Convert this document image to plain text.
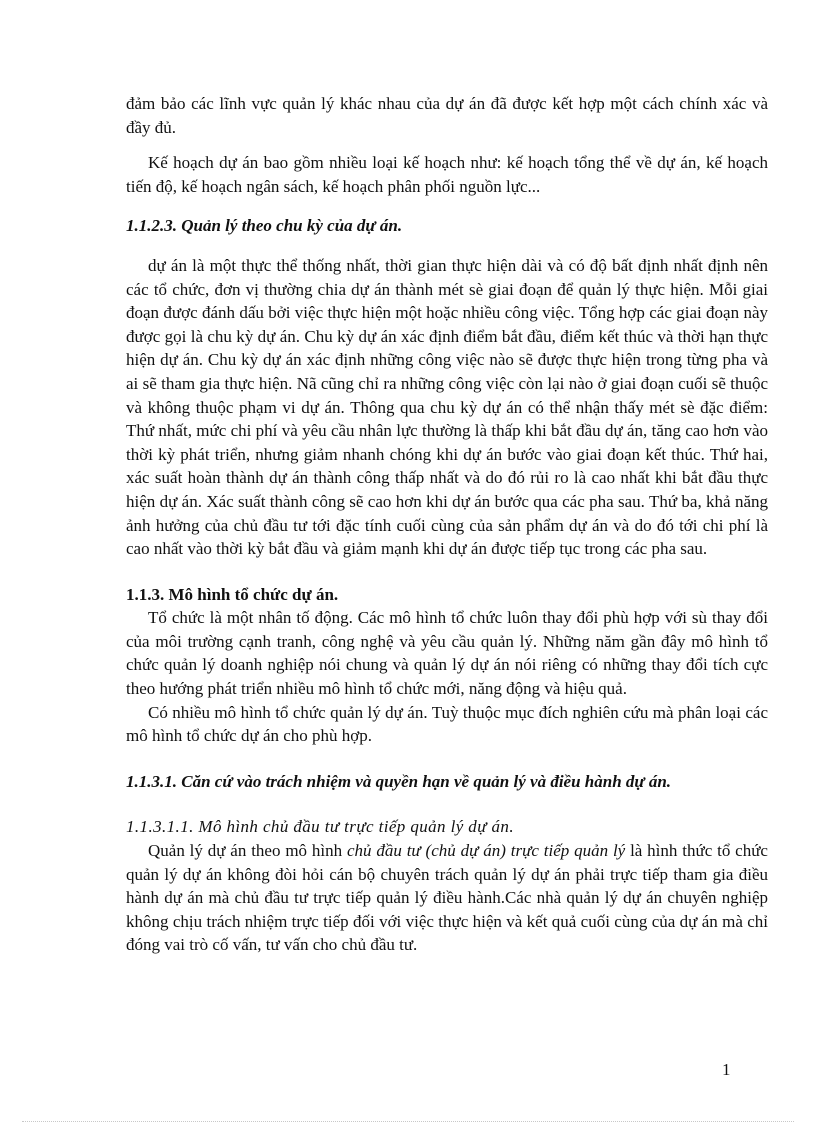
đảm bảo các lĩnh vực quản lý khác nhau của dự án đã được kết hợp một cách chính xác và đầy đủ.

Kế hoạch dự án bao gồm nhiều loại kế hoạch như: kế hoạch tổng thể về dự án, kế hoạch tiến độ, kế hoạch ngân sách, kế hoạch phân phối nguồn lực...

1.1.2.3. Quản lý theo chu kỳ của dự án.

dự án là một thực thể thống nhất, thời gian thực hiện dài và có độ bất định nhất định nên các tổ chức, đơn vị thường chia dự án thành mét sè giai đoạn để quản lý thực hiện. Mỗi giai đoạn được đánh dấu bởi việc thực hiện một hoặc nhiều công việc. Tổng hợp các giai đoạn này được gọi là chu kỳ dự án. Chu kỳ dự án xác định điểm bắt đầu, điểm kết thúc và thời hạn thực hiện dự án. Chu kỳ dự án xác định những công việc nào sẽ được thực hiện trong từng pha và ai sẽ tham gia thực hiện. Nã cũng chỉ ra những công việc còn lại nào ở giai đoạn cuối sẽ thuộc và không thuộc phạm vi dự án. Thông qua chu kỳ dự án có thể nhận thấy mét sè đặc điểm: Thứ nhất, mức chi phí và yêu cầu nhân lực thường là thấp khi bắt đầu dự án, tăng cao hơn vào thời kỳ phát triển, nhưng giảm nhanh chóng khi dự án bước vào giai đoạn kết thúc. Thứ hai, xác suất hoàn thành dự án thành công thấp nhất và do đó rủi ro là cao nhất khi bắt đầu thực hiện dự án. Xác suất thành công sẽ cao hơn khi dự án bước qua các pha sau. Thứ ba, khả năng ảnh hưởng của chủ đầu tư tới đặc tính cuối cùng của sản phẩm dự án và do đó tới chi phí là cao nhất vào thời kỳ bắt đầu và giảm mạnh khi dự án được tiếp tục trong các pha sau.

1.1.3. Mô hình tổ chức dự án.

Tổ chức là một nhân tố động. Các mô hình tổ chức luôn thay đổi phù hợp với sù thay đổi của môi trường cạnh tranh, công nghệ và yêu cầu quản lý. Những năm gần đây mô hình tổ chức quản lý doanh nghiệp nói chung và quản lý dự án nói riêng có những thay đổi tích cực theo hướng phát triển nhiều mô hình tổ chức mới, năng động và hiệu quả.

Có nhiều mô hình tổ chức quản lý dự án. Tuỳ thuộc mục đích nghiên cứu mà phân loại các mô hình tổ chức dự án cho phù hợp.

1.1.3.1. Căn cứ vào trách nhiệm và quyền hạn về quản lý và điều hành dự án.

1.1.3.1.1. Mô hình chủ đầu tư trực tiếp quản lý dự án.

Quản lý dự án theo mô hình chủ đầu tư (chủ dự án) trực tiếp quản lý là hình thức tổ chức quản lý dự án không đòi hỏi cán bộ chuyên trách quản lý dự án phải trực tiếp tham gia điều hành dự án mà chủ đầu tư trực tiếp quản lý điều hành.Các nhà quản lý dự án chuyên nghiệp không chịu trách nhiệm trực tiếp đối với việc thực hiện và kết quả cuối cùng của dự án mà chỉ đóng vai trò cố vấn, tư vấn cho chủ đầu tư.

1
